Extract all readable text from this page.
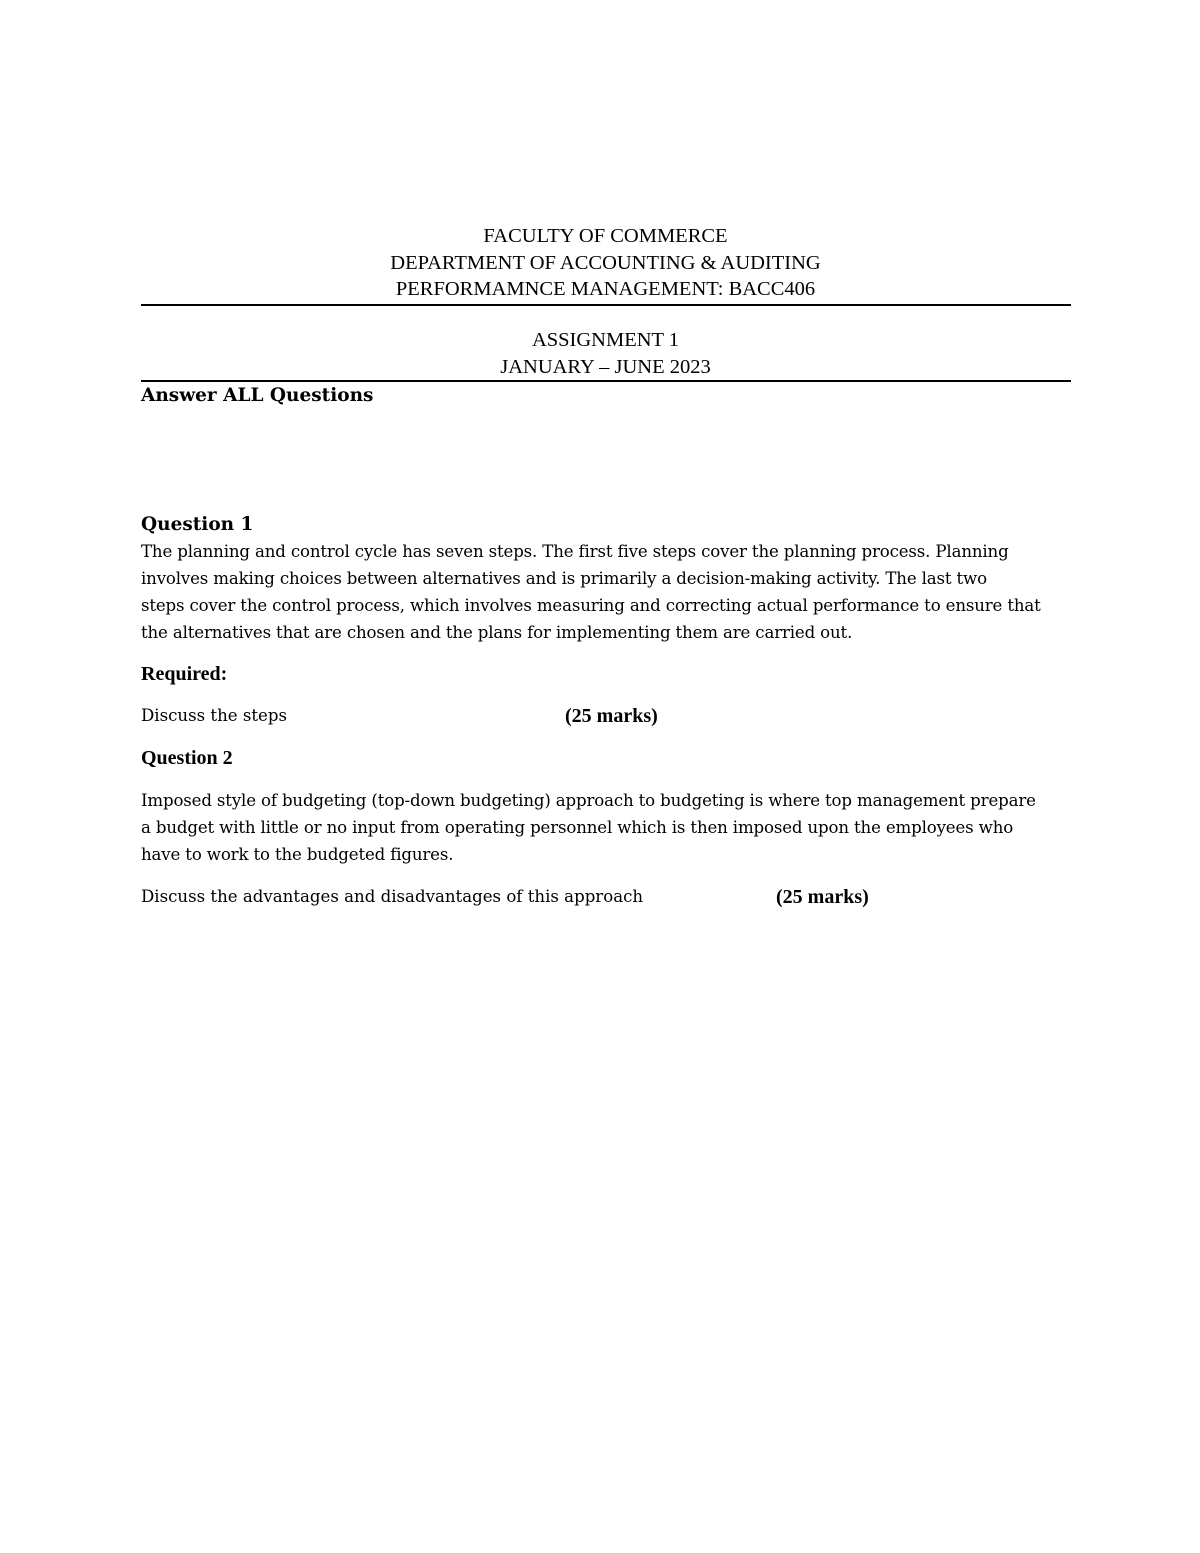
FACULTY OF COMMERCE
DEPARTMENT OF ACCOUNTING & AUDITING
PERFORMAMNCE MANAGEMENT: BACC406
ASSIGNMENT 1
JANUARY – JUNE 2023
Answer ALL Questions
Question 1
The planning and control cycle has seven steps. The first five steps cover the planning process. Planning
involves making choices between alternatives and is primarily a decision-making activity. The last two
steps cover the control process, which involves measuring and correcting actual performance to ensure that
the alternatives that are chosen and the plans for implementing them are carried out.
Required:
Discuss the steps	(25 marks)
Question 2
Imposed style of budgeting (top-down budgeting) approach to budgeting is where top management prepare
a budget with little or no input from operating personnel which is then imposed upon the employees who
have to work to the budgeted figures.
Discuss the advantages and disadvantages of this approach	(25 marks)
